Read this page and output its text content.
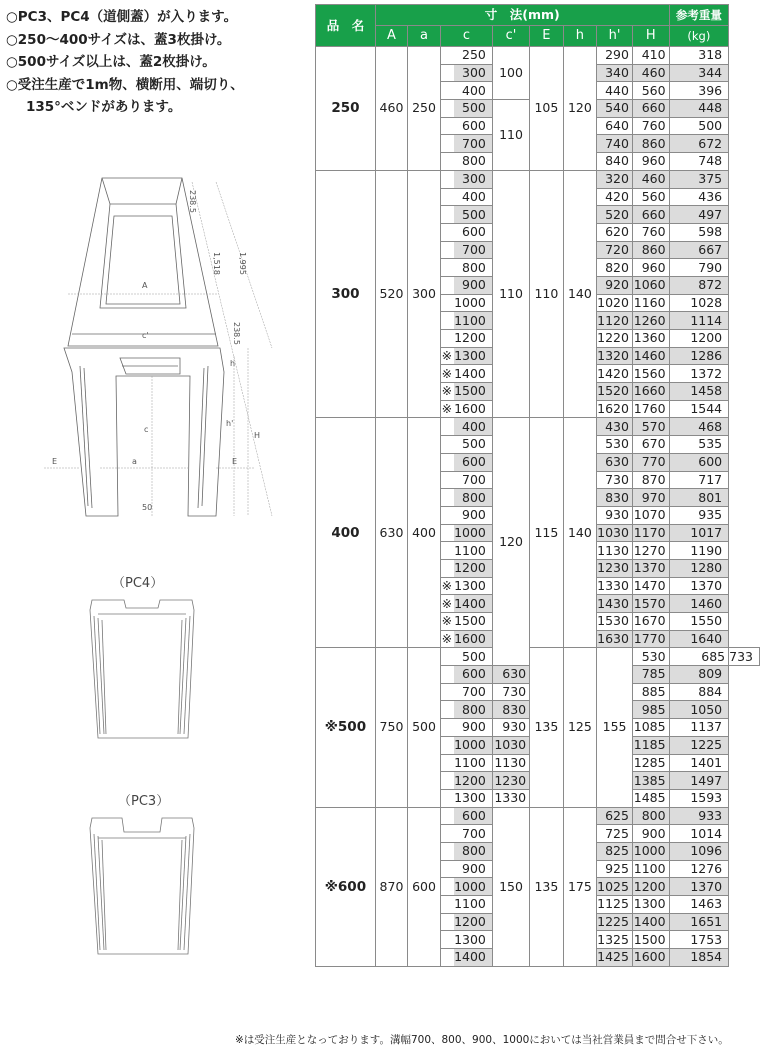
○PC3、PC4（道側蓋）が入ります。
○250〜400サイズは、蓋3枚掛け。
○500サイズ以上は、蓋2枚掛け。
○受注生産で1m物、横断用、端切り、
135°ベンドがあります。
238.5
1,518 1,995
238.5
A
c'
h
c
h'
H
a
E	E
50
（PC4）
（PC3）
品　名	寸　法(mm)									参考重量	

	A	a	c		c'	E	h	h'	H	(kg)	
250	460	250		250	100	105	120	290	410	318	
				300				340	460	344	
				400				440	560	396	
				500	110			540	660	448	
				600				640	760	500	
				700				740	860	672	
				800				840	960	748	
300	520	300		300	110	110	140	320	460	375	
				400				420	560	436	
				500				520	660	497	
				600				620	760	598	
				700				720	860	667	
				800				820	960	790	
				900				920	1060	872	
				1000				1020	1160	1028	
				1100				1120	1260	1114	
				1200				1220	1360	1200	
			※	1300				1320	1460	1286	
			※	1400				1420	1560	1372	
			※	1500				1520	1660	1458	
			※	1600				1620	1760	1544	
400	630	400		400	120	115	140	430	570	468	
				500				530	670	535	
				600				630	770	600	
				700				730	870	717	
				800				830	970	801	
				900				930	1070	935	
				1000				1030	1170	1017	
				1100				1130	1270	1190	
				1200				1230	1370	1280	
			※	1300				1330	1470	1370	
			※	1400				1430	1570	1460	
			※	1500				1530	1670	1550	
			※	1600				1630	1770	1640	
※500	750	500		500		135	125	155	530	685	733
				600	630				785	809	
				700	730				885	884	
				800	830				985	1050	
				900	930				1085	1137	
				1000	1030				1185	1225	
				1100	1130				1285	1401	
				1200	1230				1385	1497	
				1300	1330				1485	1593	
※600	870	600		600	150	135	175	625	800	933	
				700				725	900	1014	
				800				825	1000	1096	
				900				925	1100	1276	
				1000				1025	1200	1370	
				1100				1125	1300	1463	
				1200				1225	1400	1651	
				1300				1325	1500	1753	
				1400				1425	1600	1854	
※は受注生産となっております。溝幅700、800、900、1000においては当社営業員まで問合せ下さい。
